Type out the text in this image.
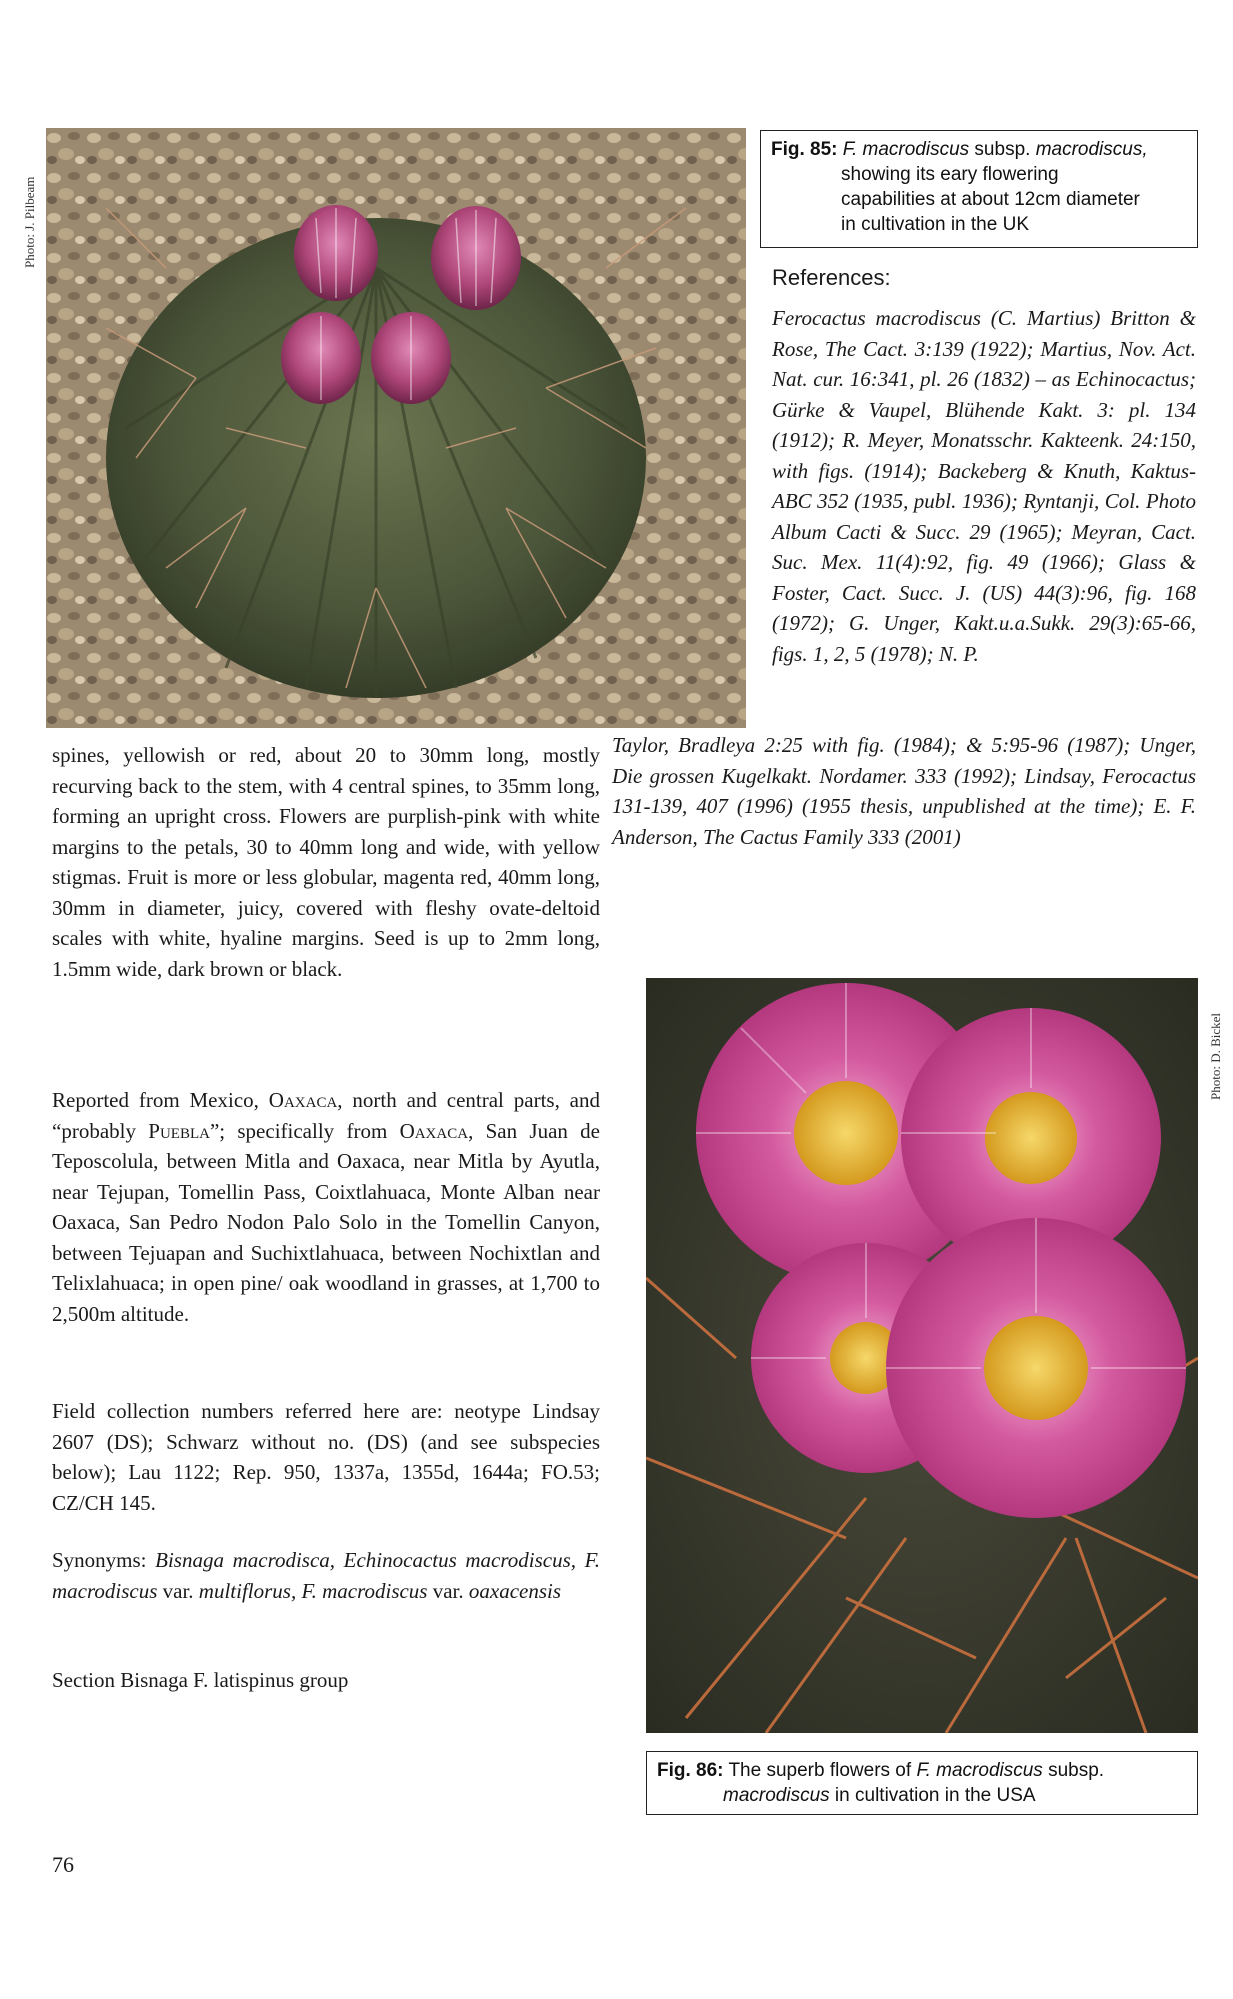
Photo: J. Pilbeam
Fig. 85: F. macrodiscus subsp. macrodiscus,
showing its eary flowering
capabilities at about 12cm diameter
in cultivation in the UK
References:
Ferocactus macrodiscus (C. Martius) Britton & Rose, The Cact. 3:139 (1922); Martius, Nov. Act. Nat. cur. 16:341, pl. 26 (1832) – as Echinocactus; Gürke & Vaupel, Blühende Kakt. 3: pl. 134 (1912); R. Meyer, Monatsschr. Kakteenk. 24:150, with figs. (1914); Backeberg & Knuth, Kaktus-ABC 352 (1935, publ. 1936); Ryntanji, Col. Photo Album Cacti & Succ. 29 (1965); Meyran, Cact. Suc. Mex. 11(4):92, fig. 49 (1966); Glass & Foster, Cact. Succ. J. (US) 44(3):96, fig. 168 (1972); G. Unger, Kakt.u.a.Sukk. 29(3):65-66, figs. 1, 2, 5 (1978); N. P.
Taylor, Bradleya 2:25 with fig. (1984); & 5:95-96 (1987); Unger, Die grossen Kugelkakt. Nordamer. 333 (1992); Lindsay, Ferocactus 131-139, 407 (1996) (1955 thesis, unpublished at the time); E. F. Anderson, The Cactus Family 333 (2001)

spines, yellowish or red, about 20 to 30mm long, mostly recurving back to the stem, with 4 central spines, to 35mm long, forming an upright cross. Flowers are purplish-pink with white margins to the petals, 30 to 40mm long and wide, with yellow stigmas. Fruit is more or less globular, magenta red, 40mm long, 30mm in diameter, juicy, covered with fleshy ovate-deltoid scales with white, hyaline margins. Seed is up to 2mm long, 1.5mm wide, dark brown or black.

Reported from Mexico, Oaxaca, north and central parts, and “probably Puebla”; specifically from Oaxaca, San Juan de Teposcolula, between Mitla and Oaxaca, near Mitla by Ayutla, near Tejupan, Tomellin Pass, Coixtlahuaca, Monte Alban near Oaxaca, San Pedro Nodon Palo Solo in the Tomellin Canyon, between Tejuapan and Suchixtlahuaca, between Nochixtlan and Telixlahuaca; in open pine/ oak woodland in grasses, at 1,700 to 2,500m altitude.

Field collection numbers referred here are: neotype Lindsay 2607 (DS); Schwarz without no. (DS) (and see subspecies below); Lau 1122; Rep. 950, 1337a, 1355d, 1644a; FO.53; CZ/CH 145.

Synonyms: Bisnaga macrodisca, Echinocactus macrodiscus, F. macrodiscus var. multiflorus, F. macrodiscus var. oaxacensis

Section Bisnaga F. latispinus group

Photo: D. Bickel
Fig. 86: The superb flowers of F. macrodiscus subsp.
macrodiscus in cultivation in the USA
76
